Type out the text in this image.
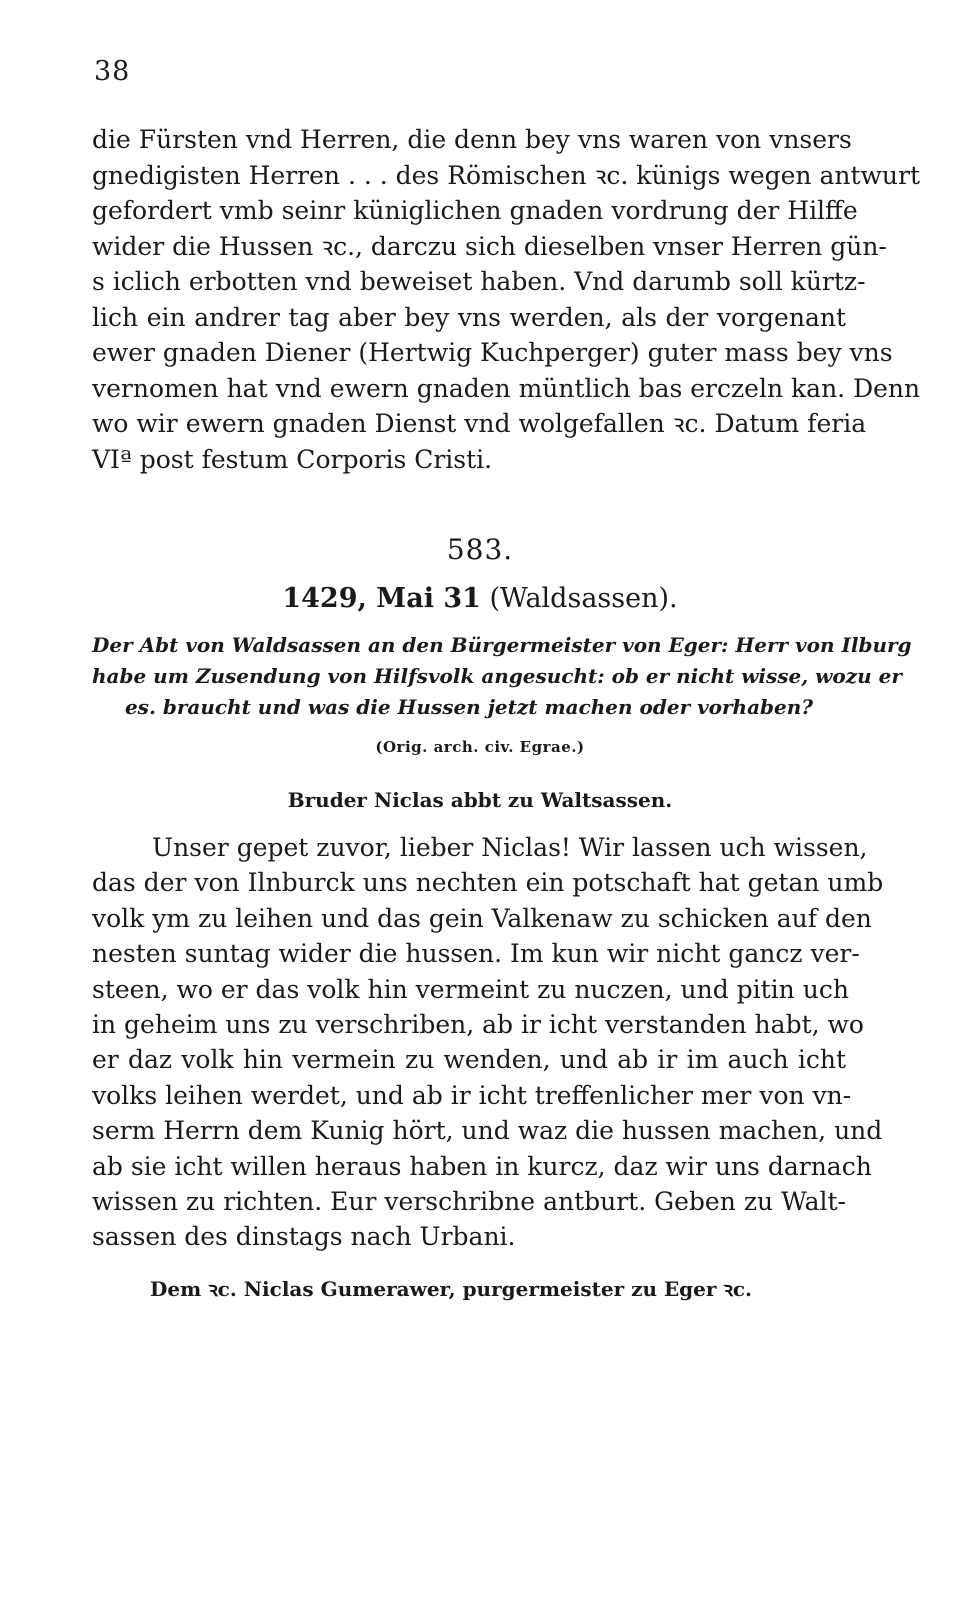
38
die Fürsten vnd Herren, die denn bey vns waren von vnsers
gnedigisten Herren . . . des Römischen ꝛc. künigs wegen antwurt
gefordert vmb seinr küniglichen gnaden vordrung der Hilffe
wider die Hussen ꝛc., darczu sich dieselben vnser Herren gün-
s iclich erbotten vnd beweiset haben. Vnd darumb soll kürtz-
lich ein andrer tag aber bey vns werden, als der vorgenant
ewer gnaden Diener (Hertwig Kuchperger) guter mass bey vns
vernomen hat vnd ewern gnaden müntlich bas erczeln kan. Denn
wo wir ewern gnaden Dienst vnd wolgefallen ꝛc. Datum feria
VIª post festum Corporis Cristi.
583.
1429, Mai 31 (Waldsassen).
Der Abt von Waldsassen an den Bürgermeister von Eger: Herr von Ilburg
habe um Zusendung von Hilfsvolk angesucht: ob er nicht wisse, wozu er
es. braucht und was die Hussen jetzt machen oder vorhaben?
(Orig. arch. civ. Egrae.)
Bruder Niclas abbt zu Waltsassen.
Unser gepet zuvor, lieber Niclas! Wir lassen uch wissen,
das der von Ilnburck uns nechten ein potschaft hat getan umb
volk ym zu leihen und das gein Valkenaw zu schicken auf den
nesten suntag wider die hussen. Im kun wir nicht gancz ver-
steen, wo er das volk hin vermeint zu nuczen, und pitin uch
in geheim uns zu verschriben, ab ir icht verstanden habt, wo
er daz volk hin vermein zu wenden, und ab ir im auch icht
volks leihen werdet, und ab ir icht treffenlicher mer von vn-
serm Herrn dem Kunig hört, und waz die hussen machen, und
ab sie icht willen heraus haben in kurcz, daz wir uns darnach
wissen zu richten. Eur verschribne antburt. Geben zu Walt-
sassen des dinstags nach Urbani.
Dem ꝛc. Niclas Gumerawer, purgermeister zu Eger ꝛc.
